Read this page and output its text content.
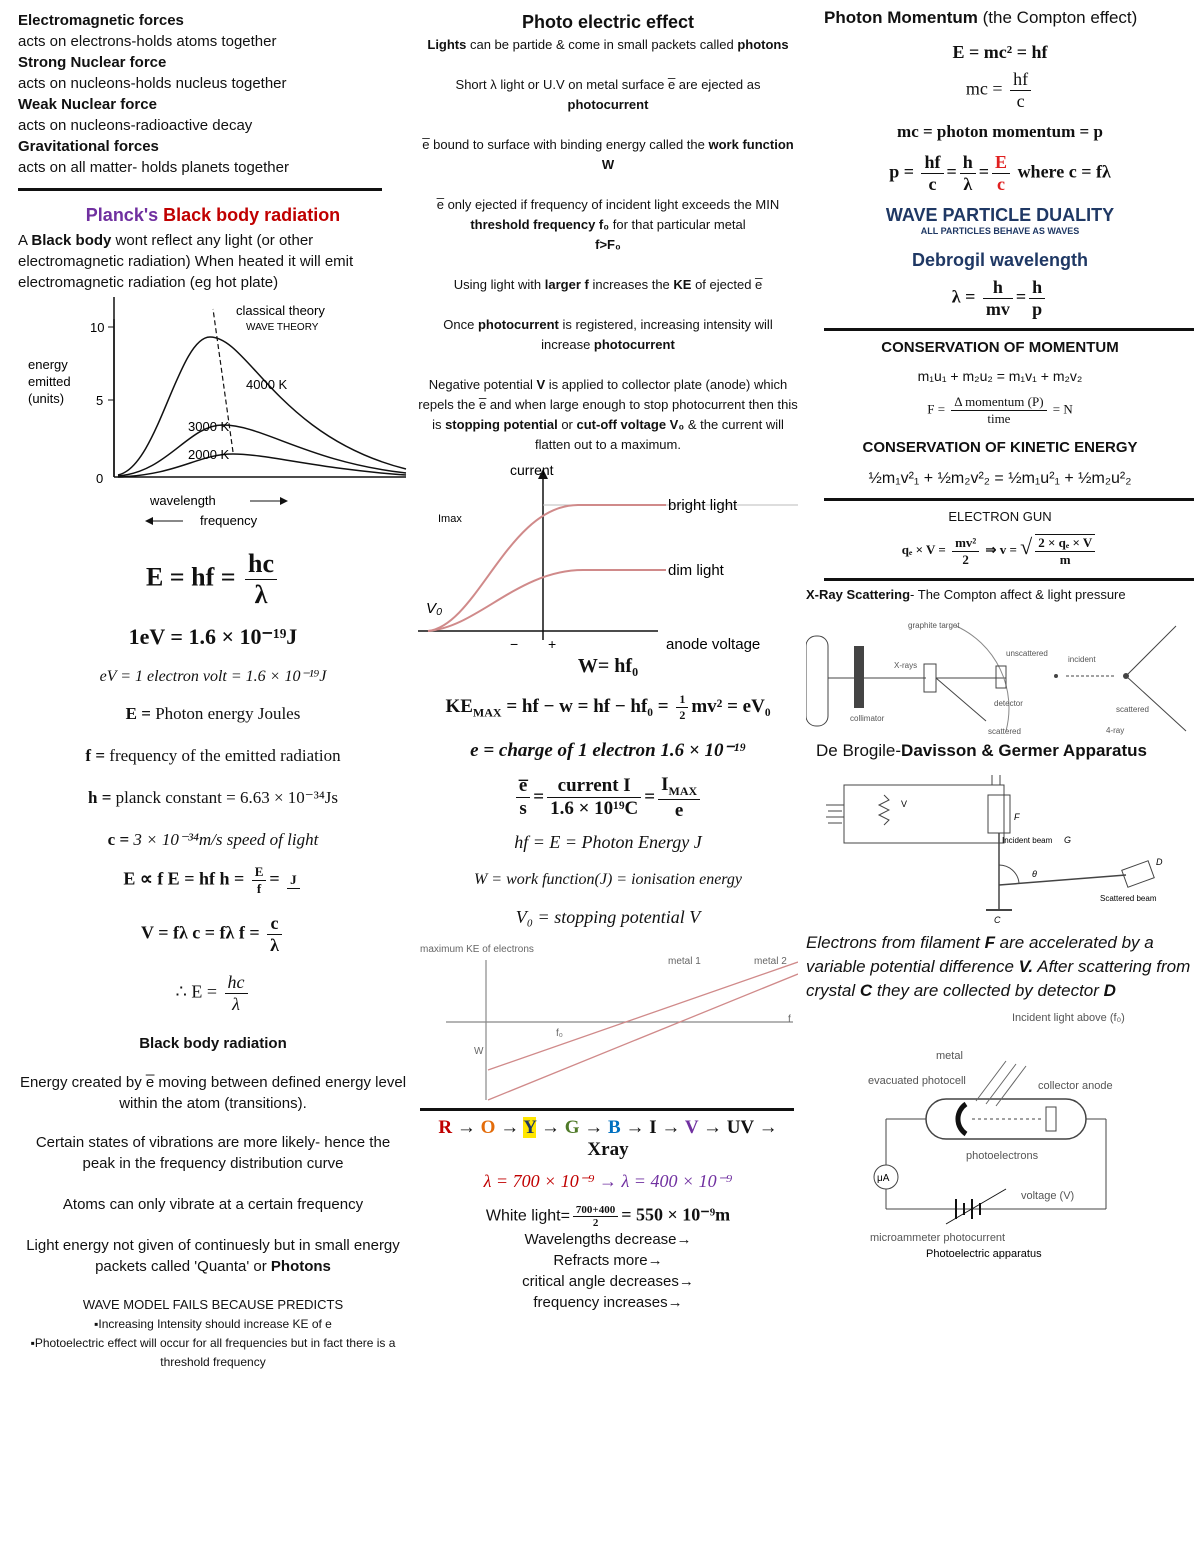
Electromagnetic forces

acts on electrons-holds atoms together

Strong Nuclear force

acts on nucleons-holds nucleus together

Weak Nuclear force

acts on nucleons-radioactive decay

Gravitational forces

acts on all matter- holds planets together

Planck's Black body radiation

A Black body wont reflect any light (or other electromagnetic radiation) When heated it will emit electromagnetic radiation (eg hot plate)

10
5
0
energy
emitted
(units)
classical theory
WAVE THEORY
4000 K
3000 K
2000 K
wavelength
frequency
E = hf = $\frac{hc}{\lambda}$
1eV = 1.6 × 10⁻¹⁹J
eV = 1 electron volt = 1.6 × 10⁻¹⁹J
E = Photon energy Joules
f = frequency of the emitted radiation
h = planck constant = 6.63 × 10⁻³⁴Js
c = 3 × 10⁻³⁴m/s speed of light
E ∝ f E = hf $h = \frac{E}{f} = J$
V = fλ c = fλ $f = \frac{c}{\lambda}$
∴ $E = \frac{hc}{\lambda}$

Black body radiation

Energy created by e̅ moving between defined energy level within the atom (transitions).

Certain states of vibrations are more likely- hence the peak in the frequency distribution curve

Atoms can only vibrate at a certain frequency

Light energy not given of continuesly but in small energy packets called 'Quanta' or Photons

WAVE MODEL FAILS BECAUSE PREDICTS

▪Increasing Intensity should increase KE of e

▪Photoelectric effect will occur for all frequencies but in fact there is a threshold frequency

Photo electric effect

Lights can be partide & come in small packets called photons

Short λ light or U.V on metal surface e̅ are ejected as photocurrent

e̅ bound to surface with binding energy called the work function W

e̅ only ejected if frequency of incident light exceeds the MIN threshold frequency f₀ for that particular metal
f>F₀

Using light with larger f increases the KE of ejected e̅

Once photocurrent is registered, increasing intensity will increase photocurrent

Negative potential V is applied to collector plate (anode) which repels the e̅ and when large enough to stop photocurrent then this is stopping potential or cut-off voltage V₀ & the current will flatten out to a maximum.

current
Imax
bright light
dim light
V₀
− +	anode voltage
W= hf₀
$KE_{MAX}$ = hf − w = hf − $hf_0 = \frac{1}{2} mv^2 = eV_0$
e = charge of 1 electron 1.6 × 10⁻¹⁹
$\frac{e̅}{s} = \frac{\text{current I}}{\text{1.6 × 10¹⁹C}} = \frac{I_{MAX}}{e}$
hf = E = Photon Energy J
W = work function(J) = ionisation energy
V₀ = stopping potential V
maximum KE of electrons
metal 1	metal 2
f
f₀
W
R → O → Y → G → B → I → V → UV → Xray
λ = 700 × 10⁻⁹ → λ = 400 × 10⁻⁹
White light= $\frac{700+400}{2} = 550 \times 10^{-9}m$

Wavelengths decrease→

Refracts more→

critical angle decreases→

frequency increases→

Photon Momentum (the Compton effect)
E = mc² = hf
mc = $\frac{hf}{c}$
mc = photon momentum = p
$p = \frac{hf}{c} = \frac{h}{\lambda} = \frac{E}{c}$ where c = fλ
WAVE PARTICLE DUALITY
ALL PARTICLES BEHAVE AS WAVES
Debrogil wavelength
$\lambda = \frac{h}{mv} = \frac{h}{p}$
CONSERVATION OF MOMENTUM
m₁u₁ + m₂u₂ = m₁v₁ + m₂v₂
$F = \frac{\text{Δ momentum (P)}}{\text{time}} = N$
CONSERVATION OF KINETIC ENERGY
½m₁v²₁ + ½m₂v²₂ = ½m₁u²₁ + ½m₂u²₂
ELECTRON GUN
$q_e \times V = \frac{\text{mv²}}{2}$ ⇒ v = √ $\frac{\text{2 × qₑ × V}}{m}$
X-Ray Scattering- The Compton affect & light pressure
graphite target
X-rays
scattered
detector
unscattered
incident
collimator
scattered
4-ray
De Brogile-Davisson & Germer Apparatus
F
V
Incident beam G
D
Scattered beam
C
θ

Electrons from filament F are accelerated by a variable potential difference V. After scattering from crystal C they are collected by detector D

Incident light above (f₀)
metal
evacuated photocell	collector anode
photoelectrons
μA
voltage (V)
microammeter photocurrent
Photoelectric apparatus
